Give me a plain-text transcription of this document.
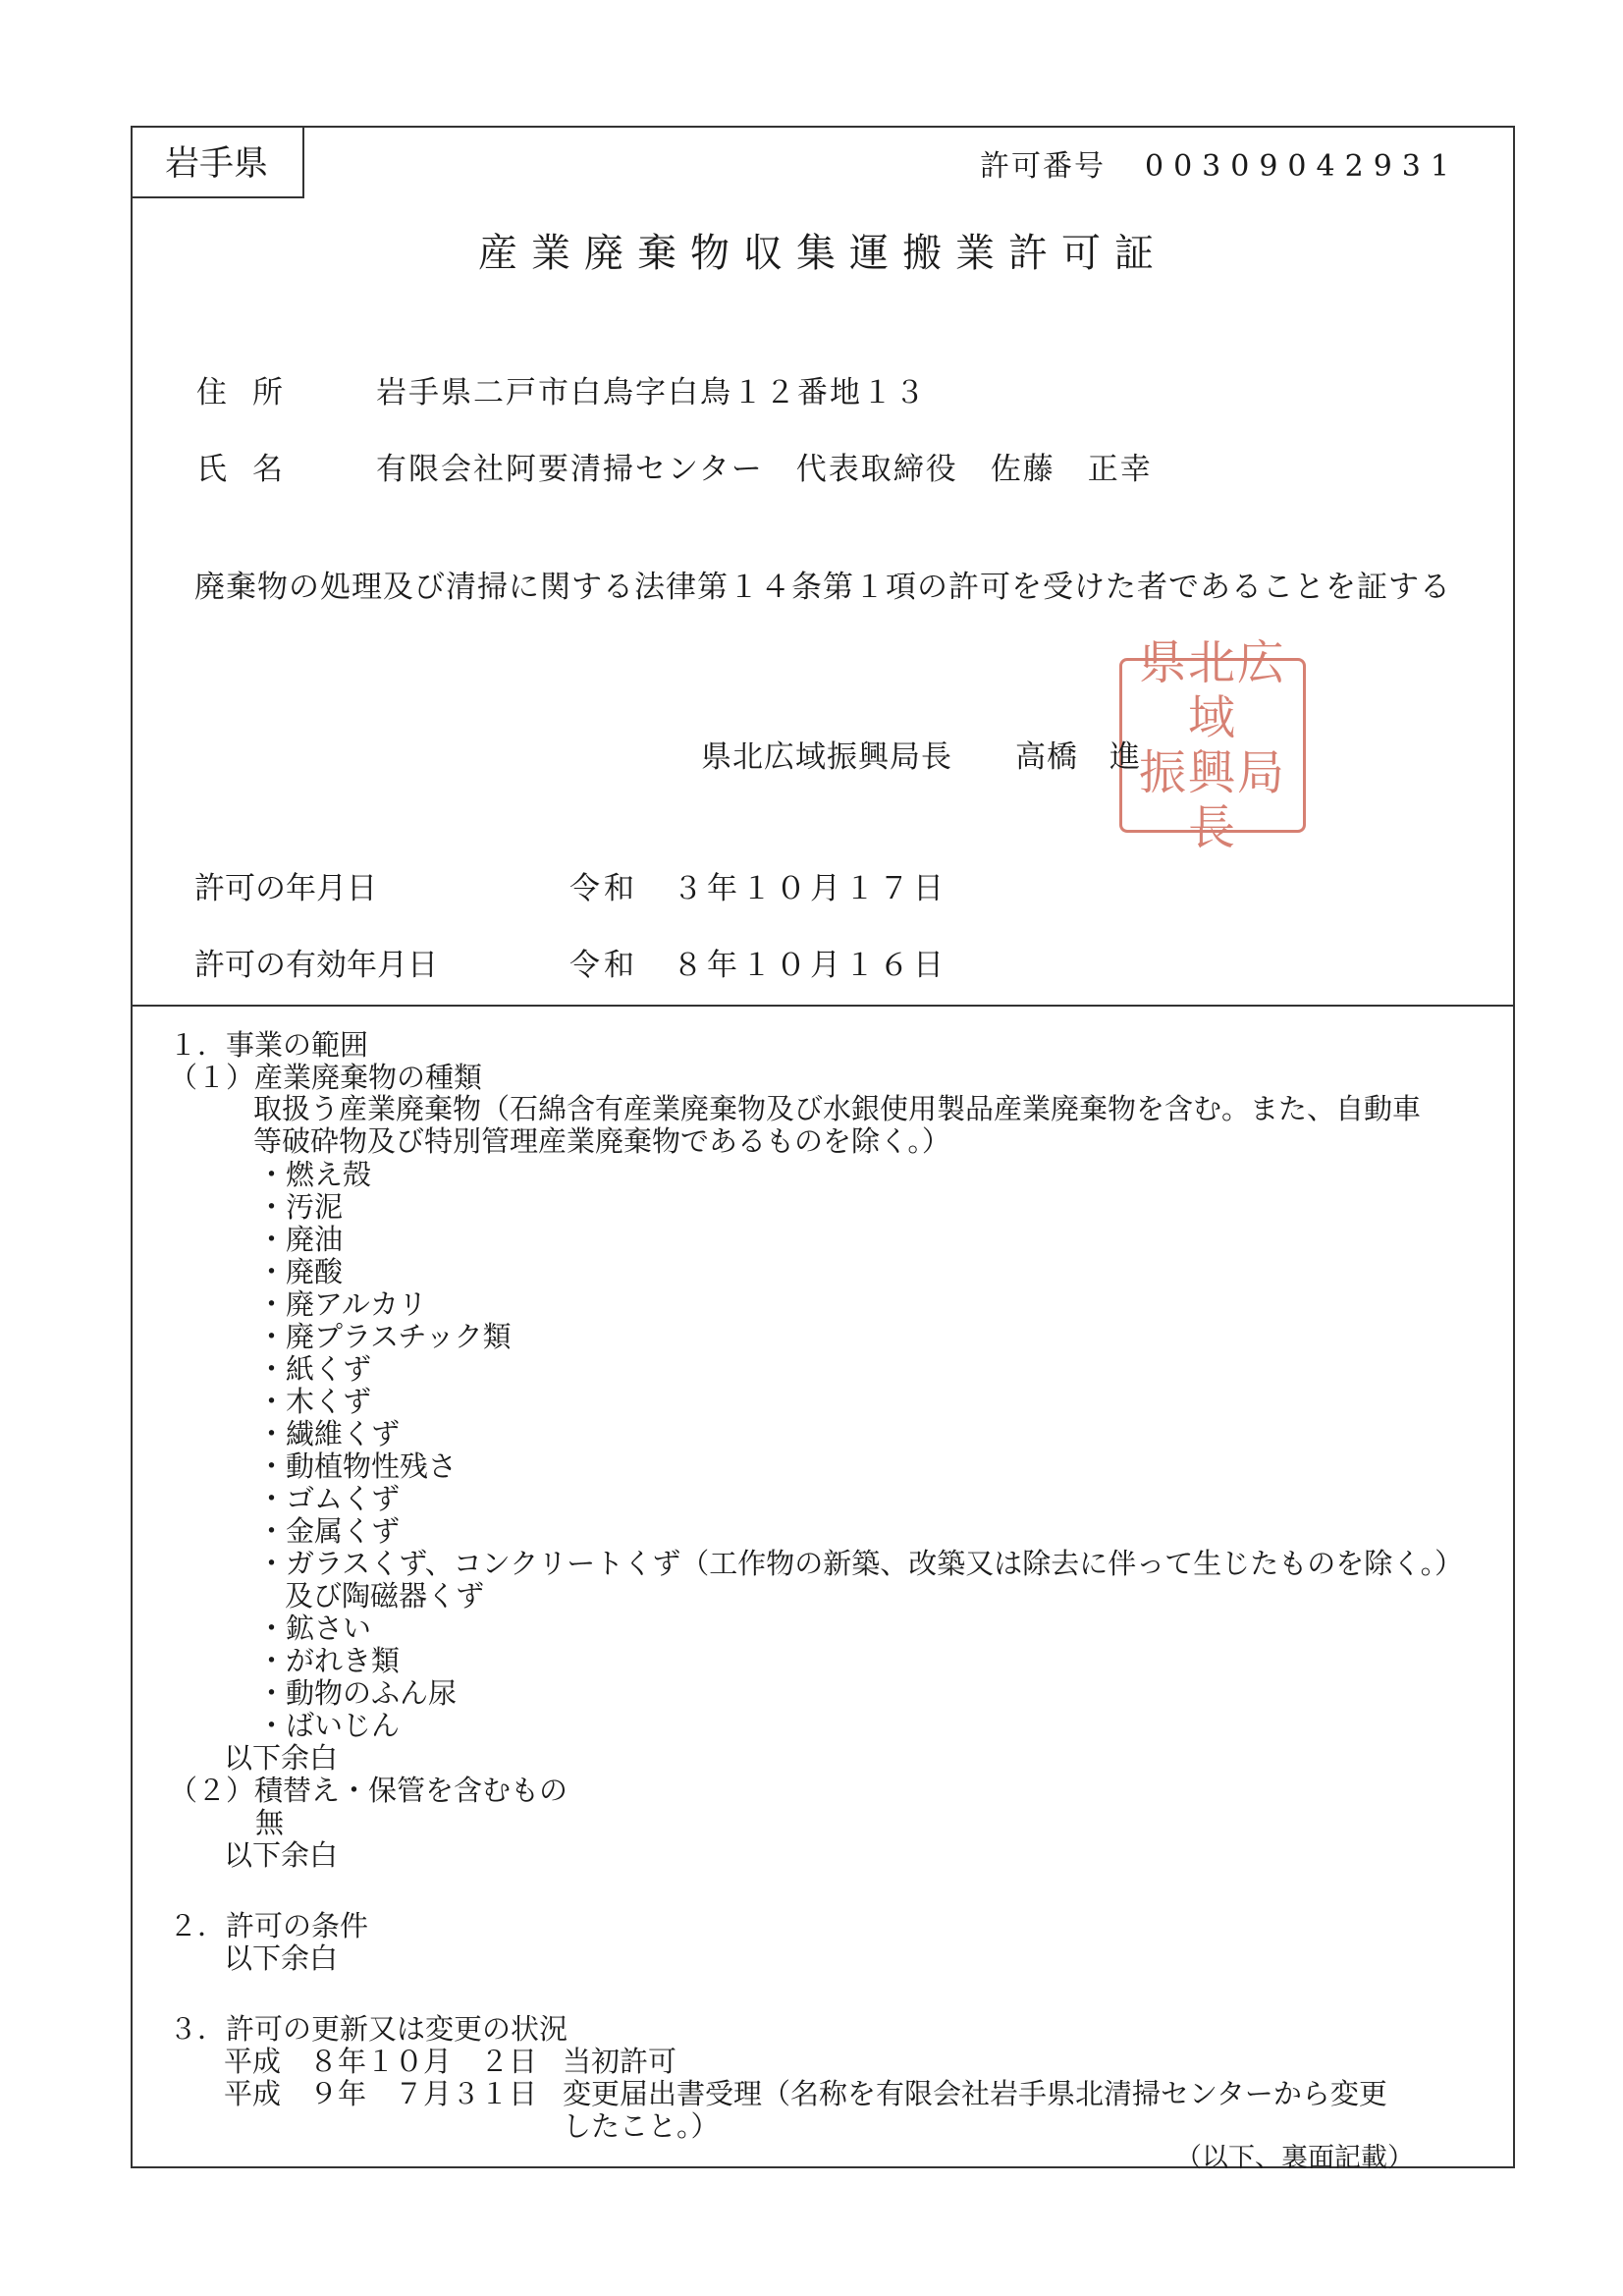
岩手県	許可番号 00309042931
産業廃棄物収集運搬業許可証
住所 岩手県二戸市白鳥字白鳥１２番地１３
氏名 有限会社阿要清掃センター　代表取締役　佐藤　正幸
廃棄物の処理及び清掃に関する法律第１４条第１項の許可を受けた者であることを証する
県北広域
振興局長
県北広域振興局長　　高橋　進
許可の年月日	令和　３年１０月１７日
許可の有効年月日	令和　８年１０月１６日
１．事業の範囲
（１）産業廃棄物の種類
取扱う産業廃棄物（石綿含有産業廃棄物及び水銀使用製品産業廃棄物を含む。また、自動車
等破砕物及び特別管理産業廃棄物であるものを除く。）
・燃え殻
・汚泥
・廃油
・廃酸
・廃アルカリ
・廃プラスチック類
・紙くず
・木くず
・繊維くず
・動植物性残さ
・ゴムくず
・金属くず
・ガラスくず、コンクリートくず（工作物の新築、改築又は除去に伴って生じたものを除く。）
及び陶磁器くず
・鉱さい
・がれき類
・動物のふん尿
・ばいじん
以下余白
（２）積替え・保管を含むもの
無
以下余白
２．許可の条件
以下余白
３．許可の更新又は変更の状況
平成　８年１０月　２日 当初許可
平成　９年　７月３１日 変更届出書受理（名称を有限会社岩手県北清掃センターから変更
したこと。）
（以下、裏面記載）
